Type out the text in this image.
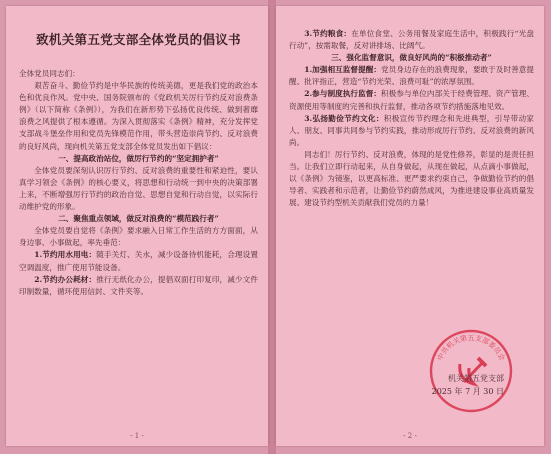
致机关第五党支部全体党员的倡议书

全体党员同志们：

艰苦奋斗、勤俭节约是中华民族的传统美德，更是我们党的政治本色和优良作风。党中央、国务院颁布的《党政机关厉行节约反对浪费条例》（以下简称《条例》），为我们在新形势下弘扬优良传统、做到奢靡浪费之风提供了根本遵循。为深入贯彻落实《条例》精神，充分发挥党支部战斗堡垒作用和党员先锋模范作用，带头营造崇尚节约、反对浪费的良好风尚，现向机关第五党支部全体党员发出如下倡议：

一、提高政治站位，做厉行节约的“坚定拥护者”

全体党员要深刻认识厉行节约、反对浪费的重要性和紧迫性，要认真学习领会《条例》的核心要义，将思想和行动统一到中央的决策部署上来，不断增强厉行节约的政治自觉、思想自觉和行动自觉，以实际行动维护党的形象。

二、聚焦重点领域，做反对浪费的“模范践行者”

全体党员要自觉将《条例》要求融入日常工作生活的方方面面，从身边事、小事做起，率先垂范：

1.节约用水用电：随手关灯、关水，减少设备待机能耗，合理设置空调温度，推广使用节能设备。

2.节约办公耗材：推行无纸化办公，提倡双面打印复印，减少文件印制数量，循环使用信封、文件夹等。

- 1 -

3.节约粮食：在单位食堂、公务用餐及家庭生活中，积极践行“光盘行动”，按需取餐，反对讲排场、比阔气。

三、强化监督意识，做良好风尚的“积极推动者”

1.加强相互监督提醒：党员身边存在的浪费现象，要敢于及时善意提醒、批评指正，营造“节约光荣、浪费可耻”的浓厚氛围。

2.参与制度执行监督：积极参与单位内部关于经费管理、资产管理、资源使用等制度的完善和执行监督，推动各项节约措施落地见效。

3.弘扬勤俭节约文化：积极宣传节约理念和先进典型，引导带动家人、朋友、同事共同参与节约实践，推动形成厉行节约、反对浪费的新风尚。

同志们！厉行节约、反对浪费，体现的是党性修养，彰显的是责任担当。让我们立即行动起来，从自身做起，从现在做起，从点滴小事做起，以《条例》为镜鉴，以更高标准、更严要求约束自己，争做勤俭节约的倡导者、实践者和示范者，让勤俭节约蔚然成风，为推进建设事业高质量发展、建设节约型机关贡献我们党员的力量！

中共机关第五支部委员会
机关第五党支部
2025 年 7 月 30 日
- 2 -
